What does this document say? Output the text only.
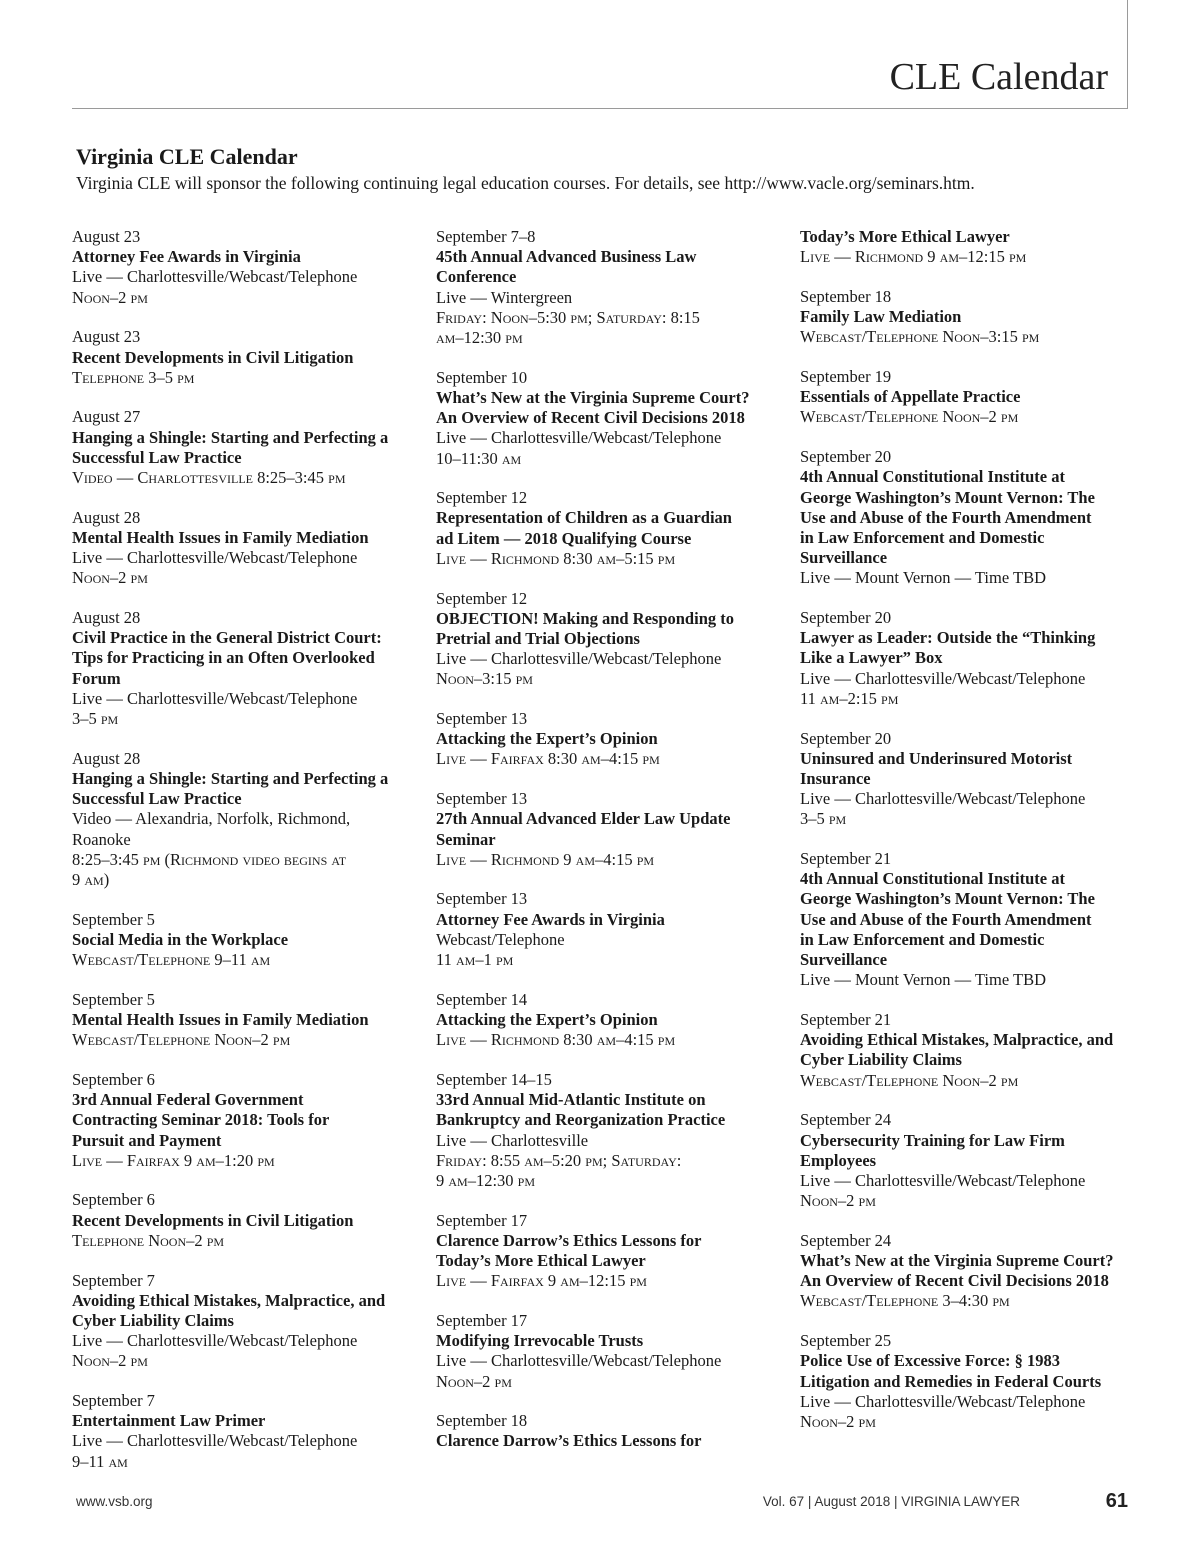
CLE Calendar
Virginia CLE Calendar

Virginia CLE will sponsor the following continuing legal education courses. For details, see http://www.vacle.org/seminars.htm.

August 23
Attorney Fee Awards in Virginia
Live — Charlottesville/Webcast/Telephone
Noon–2 pm
August 23
Recent Developments in Civil Litigation
Telephone 3–5 pm
August 27
Hanging a Shingle: Starting and Perfecting a
Successful Law Practice
Video — Charlottesville 8:25–3:45 pm
August 28
Mental Health Issues in Family Mediation
Live — Charlottesville/Webcast/Telephone
Noon–2 pm
August 28
Civil Practice in the General District Court:
Tips for Practicing in an Often Overlooked
Forum
Live — Charlottesville/Webcast/Telephone
3–5 pm
August 28
Hanging a Shingle: Starting and Perfecting a
Successful Law Practice
Video — Alexandria, Norfolk, Richmond,
Roanoke
8:25–3:45 pm (Richmond video begins at
9 am)
September 5
Social Media in the Workplace
Webcast/Telephone 9–11 am
September 5
Mental Health Issues in Family Mediation
Webcast/Telephone Noon–2 pm
September 6
3rd Annual Federal Government
Contracting Seminar 2018: Tools for
Pursuit and Payment
Live — Fairfax 9 am–1:20 pm
September 6
Recent Developments in Civil Litigation
Telephone Noon–2 pm
September 7
Avoiding Ethical Mistakes, Malpractice, and
Cyber Liability Claims
Live — Charlottesville/Webcast/Telephone
Noon–2 pm
September 7
Entertainment Law Primer
Live — Charlottesville/Webcast/Telephone
9–11 am
September 7–8
45th Annual Advanced Business Law
Conference
Live — Wintergreen
Friday: Noon–5:30 pm; Saturday: 8:15
am–12:30 pm
September 10
What’s New at the Virginia Supreme Court?
An Overview of Recent Civil Decisions 2018
Live — Charlottesville/Webcast/Telephone
10–11:30 am
September 12
Representation of Children as a Guardian
ad Litem — 2018 Qualifying Course
Live — Richmond 8:30 am–5:15 pm
September 12
OBJECTION! Making and Responding to
Pretrial and Trial Objections
Live — Charlottesville/Webcast/Telephone
Noon–3:15 pm
September 13
Attacking the Expert’s Opinion
Live — Fairfax 8:30 am–4:15 pm
September 13
27th Annual Advanced Elder Law Update
Seminar
Live — Richmond 9 am–4:15 pm
September 13
Attorney Fee Awards in Virginia
Webcast/Telephone
11 am–1 pm
September 14
Attacking the Expert’s Opinion
Live — Richmond 8:30 am–4:15 pm
September 14–15
33rd Annual Mid-Atlantic Institute on
Bankruptcy and Reorganization Practice
Live — Charlottesville
Friday: 8:55 am–5:20 pm; Saturday:
9 am–12:30 pm
September 17
Clarence Darrow’s Ethics Lessons for
Today’s More Ethical Lawyer
Live — Fairfax 9 am–12:15 pm
September 17
Modifying Irrevocable Trusts
Live — Charlottesville/Webcast/Telephone
Noon–2 pm
September 18
Clarence Darrow’s Ethics Lessons for
Today’s More Ethical Lawyer
Live — Richmond 9 am–12:15 pm
September 18
Family Law Mediation
Webcast/Telephone Noon–3:15 pm
September 19
Essentials of Appellate Practice
Webcast/Telephone Noon–2 pm
September 20
4th Annual Constitutional Institute at
George Washington’s Mount Vernon: The
Use and Abuse of the Fourth Amendment
in Law Enforcement and Domestic
Surveillance
Live — Mount Vernon — Time TBD
September 20
Lawyer as Leader: Outside the “Thinking
Like a Lawyer” Box
Live — Charlottesville/Webcast/Telephone
11 am–2:15 pm
September 20
Uninsured and Underinsured Motorist
Insurance
Live — Charlottesville/Webcast/Telephone
3–5 pm
September 21
4th Annual Constitutional Institute at
George Washington’s Mount Vernon: The
Use and Abuse of the Fourth Amendment
in Law Enforcement and Domestic
Surveillance
Live — Mount Vernon — Time TBD
September 21
Avoiding Ethical Mistakes, Malpractice, and
Cyber Liability Claims
Webcast/Telephone Noon–2 pm
September 24
Cybersecurity Training for Law Firm
Employees
Live — Charlottesville/Webcast/Telephone
Noon–2 pm
September 24
What’s New at the Virginia Supreme Court?
An Overview of Recent Civil Decisions 2018
Webcast/Telephone 3–4:30 pm
September 25
Police Use of Excessive Force: § 1983
Litigation and Remedies in Federal Courts
Live — Charlottesville/Webcast/Telephone
Noon–2 pm
www.vsb.org	Vol. 67 | August 2018 | VIRGINIA LAWYER	61
